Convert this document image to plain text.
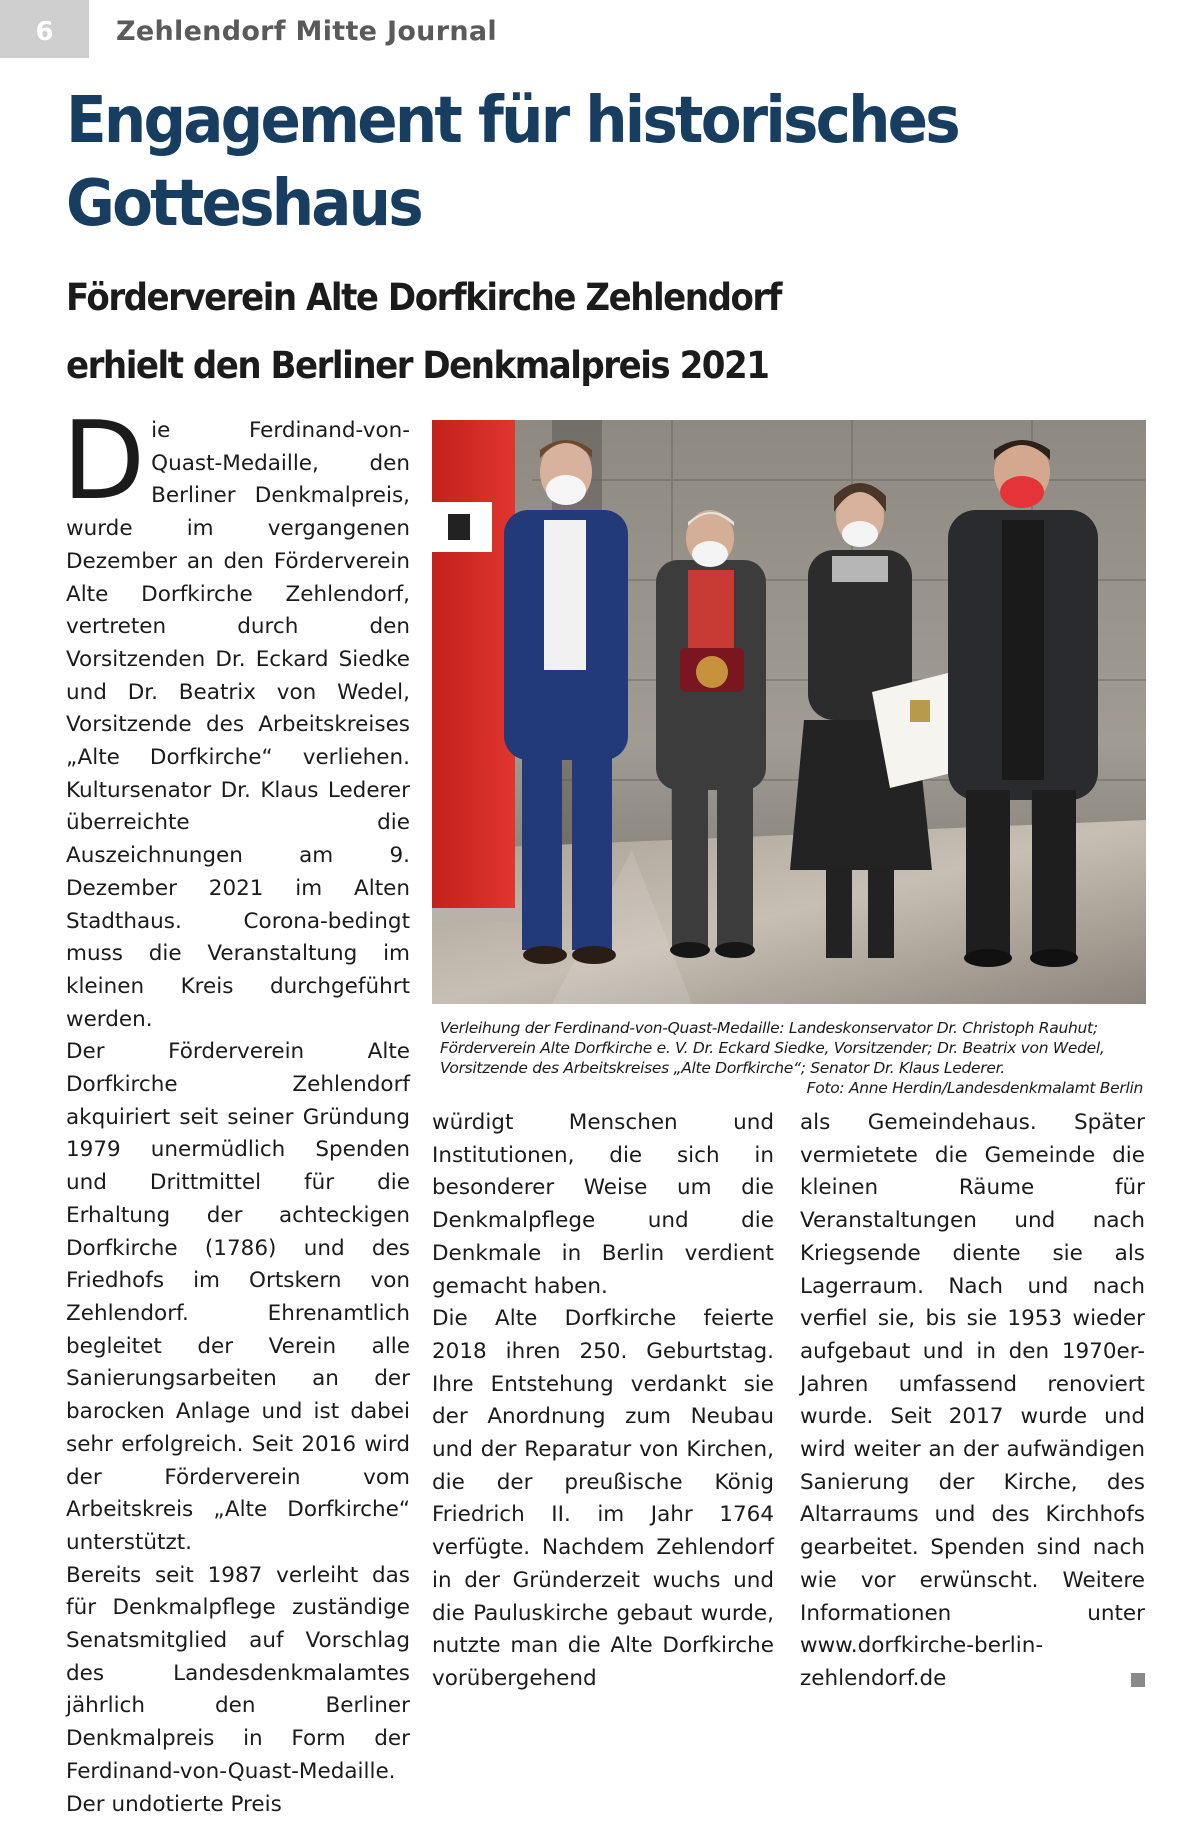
6	Zehlendorf Mitte Journal
Engagement für historisches
Gotteshaus
Förderverein Alte Dorfkirche Zehlendorf
erhielt den Berliner Denkmalpreis 2021
D ie Ferdinand-von-Quast-Medaille, den Berliner Denkmalpreis, wurde im vergangenen Dezember an den Förderverein Alte Dorfkirche Zehlendorf, vertreten durch den Vorsitzenden Dr. Eckard Siedke und Dr. Beatrix von Wedel, Vorsitzende des Arbeitskreises „Alte Dorfkirche“ verliehen. Kultursenator Dr. Klaus Lederer überreichte die Auszeichnungen am 9. Dezember 2021 im Alten Stadthaus. Corona-bedingt muss die Veranstaltung im kleinen Kreis durchgeführt werden.

Der Förderverein Alte Dorfkirche Zehlendorf akquiriert seit seiner Gründung 1979 unermüdlich Spenden und Drittmittel für die Erhaltung der achteckigen Dorfkirche (1786) und des Friedhofs im Ortskern von Zehlendorf. Ehrenamtlich begleitet der Verein alle Sanierungsarbeiten an der barocken Anlage und ist dabei sehr erfolgreich. Seit 2016 wird der Förderverein vom Arbeitskreis „Alte Dorfkirche“ unterstützt.

Bereits seit 1987 verleiht das für Denkmalpflege zuständige Senatsmitglied auf Vorschlag des Landesdenkmalamtes jährlich den Berliner Denkmalpreis in Form der Ferdinand-von-Quast-Medaille. Der undotierte Preis

Verleihung der Ferdinand-von-Quast-Medaille: Landeskonservator Dr. Christoph Rauhut; Förderverein Alte Dorfkirche e. V. Dr. Eckard Siedke, Vorsitzender; Dr. Beatrix von Wedel, Vorsitzende des Arbeitskreises „Alte Dorfkirche“; Senator Dr. Klaus Lederer.
Foto: Anne Herdin/Landesdenkmalamt Berlin

würdigt Menschen und Institutionen, die sich in besonderer Weise um die Denkmalpflege und die Denkmale in Berlin verdient gemacht haben.

Die Alte Dorfkirche feierte 2018 ihren 250. Geburtstag. Ihre Entstehung verdankt sie der Anordnung zum Neubau und der Reparatur von Kirchen, die der preußische König Friedrich II. im Jahr 1764 verfügte. Nachdem Zehlendorf in der Gründerzeit wuchs und die Pauluskirche gebaut wurde, nutzte man die Alte Dorfkirche vorübergehend

als Gemeindehaus. Später vermietete die Gemeinde die kleinen Räume für Veranstaltungen und nach Kriegsende diente sie als Lagerraum. Nach und nach verfiel sie, bis sie 1953 wieder aufgebaut und in den 1970er-Jahren umfassend renoviert wurde. Seit 2017 wurde und wird weiter an der aufwändigen Sanierung der Kirche, des Altarraums und des Kirchhofs gearbeitet. Spenden sind nach wie vor erwünscht. Weitere Informationen unter www.dorfkirche-berlin-zehlendorf.de
